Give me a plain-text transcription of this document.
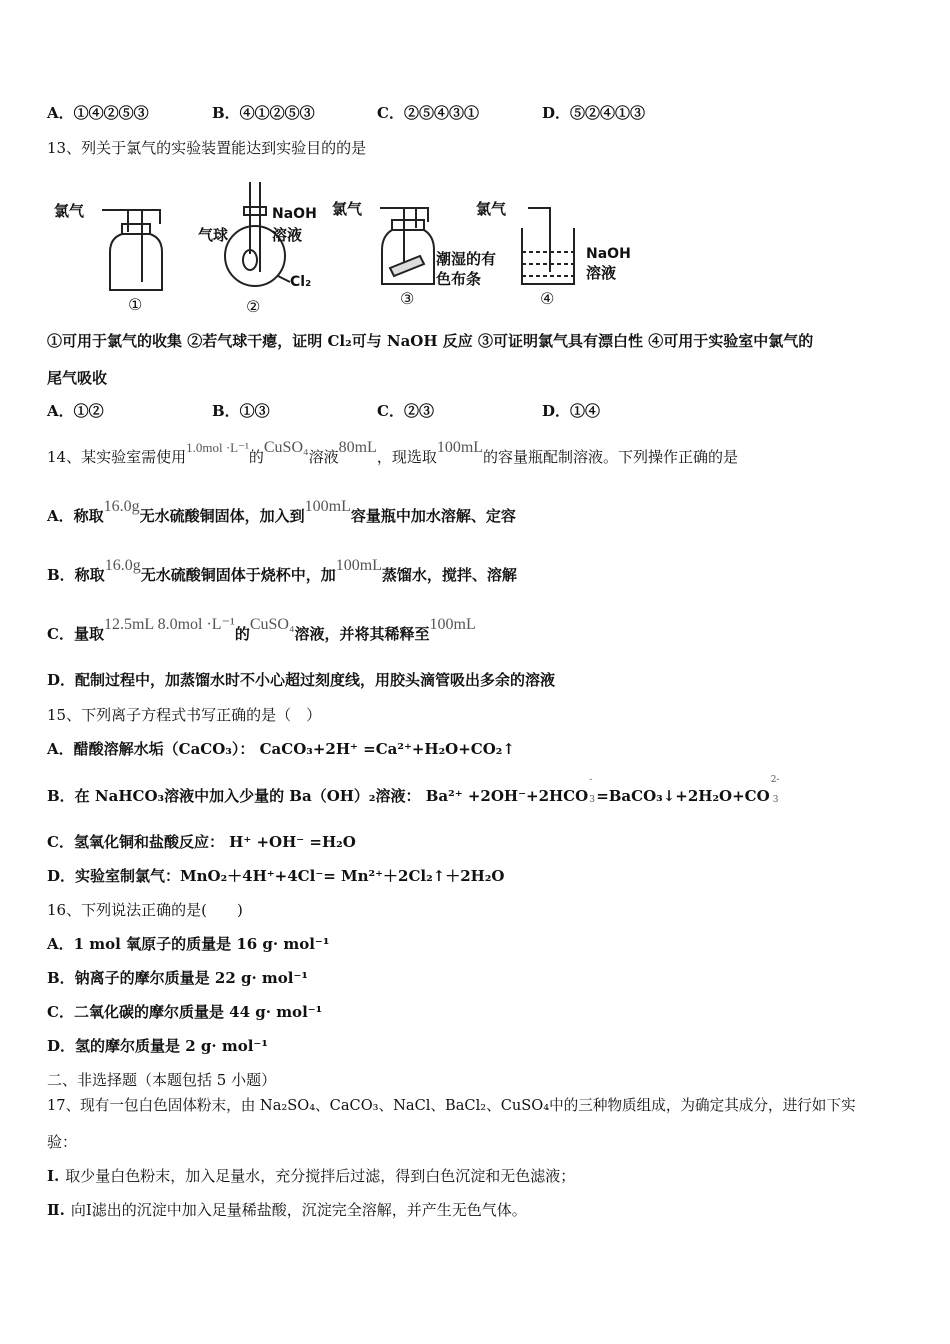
A．①④②⑤③	B．④①②⑤③	C．②⑤④③①	D．⑤②④①③
13、列关于氯气的实验装置能达到实验目的的是
氯气
①
气球
NaOH
溶液
Cl₂
②
氯气
潮湿的有
色布条
③
氯气
NaOH
溶液
④
①可用于氯气的收集 ②若气球干瘪，证明 Cl₂可与 NaOH 反应 ③可证明氯气具有漂白性 ④可用于实验室中氯气的
尾气吸收
A．①②	B．①③	C．②③	D．①④
14、某实验室需使用1.0mol ·L⁻¹的CuSO₄溶液80mL，现选取100mL的容量瓶配制溶液。下列操作正确的是
A．称取16.0g无水硫酸铜固体，加入到100mL容量瓶中加水溶解、定容
B．称取16.0g无水硫酸铜固体于烧杯中，加100mL蒸馏水，搅拌、溶解
C．量取12.5mL 8.0mol ·L⁻¹的CuSO₄溶液，并将其稀释至100mL
D．配制过程中，加蒸馏水时不小心超过刻度线，用胶头滴管吸出多余的溶液
15、下列离子方程式书写正确的是（　）
A．醋酸溶解水垢（CaCO₃）： CaCO₃+2H⁺ =Ca²⁺+H₂O+CO₂↑
B．在 NaHCO₃溶液中加入少量的 Ba（OH）₂溶液： Ba²⁺ +2OH⁻+2HCO
-
3 =BaCO₃↓+2H₂O+CO
2-
3
C．氢氧化铜和盐酸反应： H⁺ +OH⁻ =H₂O
D．实验室制氯气：MnO₂＋4H⁺+4Cl⁻= Mn²⁺＋2Cl₂↑＋2H₂O
16、下列说法正确的是(　　)
A．1 mol 氧原子的质量是 16 g· mol⁻¹
B．钠离子的摩尔质量是 22 g· mol⁻¹
C．二氧化碳的摩尔质量是 44 g· mol⁻¹
D．氢的摩尔质量是 2 g· mol⁻¹
二、非选择题（本题包括 5 小题）
17、现有一包白色固体粉末，由 Na₂SO₄、CaCO₃、NaCl、BaCl₂、CuSO₄中的三种物质组成，为确定其成分，进行如下实
验：
Ⅰ. 取少量白色粉末，加入足量水，充分搅拌后过滤，得到白色沉淀和无色滤液；
Ⅱ. 向Ⅰ滤出的沉淀中加入足量稀盐酸，沉淀完全溶解，并产生无色气体。
